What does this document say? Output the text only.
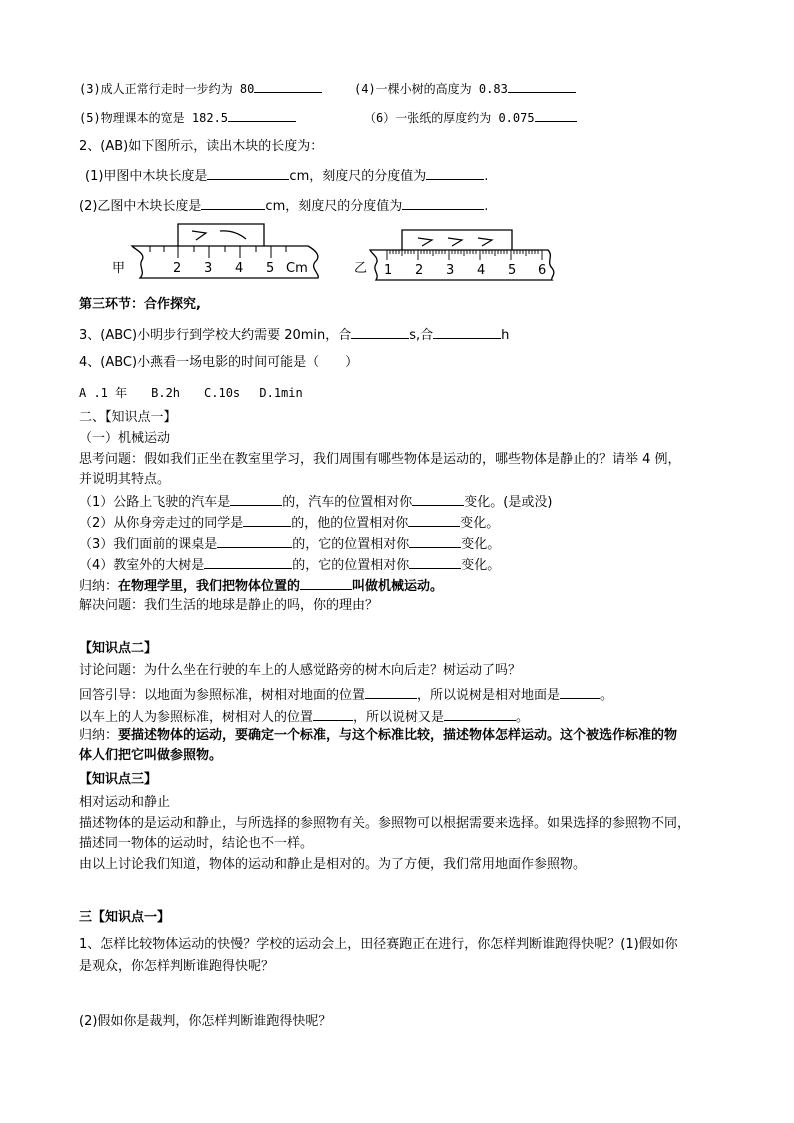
(3)成人正常行走时一步约为 80	(4)一棵小树的高度为 0.83
(5)物理课本的宽是 182.5	（6）一张纸的厚度约为 0.075
2、(AB)如下图所示，读出木块的长度为：
(1)甲图中木块长度是	cm，刻度尺的分度值为	.
(2)乙图中木块长度是	cm，刻度尺的分度值为	.
甲	2 3 4 5 Cm	乙 1 2 3 4 5 6
第三环节：合作探究,
3、(ABC)小明步行到学校大约需要 20min，合	s,合	h
4、(ABC)小燕看一场电影的时间可能是（　　）
A .1 年　　B.2h　　C.10s　 D.1min
二、【知识点一】
（一）机械运动
思考问题：假如我们正坐在教室里学习，我们周围有哪些物体是运动的，哪些物体是静止的？请举 4 例，
并说明其特点。
（1）公路上飞驶的汽车是	的，汽车的位置相对你	变化。(是或没)
（2）从你身旁走过的同学是	的，他的位置相对你	变化。
（3）我们面前的课桌是	的，它的位置相对你	变化。
（4）教室外的大树是	的，它的位置相对你	变化。
归纳：在物理学里，我们把物体位置的	叫做机械运动。
解决问题：我们生活的地球是静止的吗，你的理由？
【知识点二】
讨论问题：为什么坐在行驶的车上的人感觉路旁的树木向后走？树运动了吗？
回答引导：以地面为参照标准，树相对地面的位置	，所以说树是相对地面是	。
以车上的人为参照标准，树相对人的位置	，所以说树又是	。
归纳：要描述物体的运动，要确定一个标准，与这个标准比较，描述物体怎样运动。这个被选作标准的物
体人们把它叫做参照物。
【知识点三】
相对运动和静止
描述物体的是运动和静止，与所选择的参照物有关。参照物可以根据需要来选择。如果选择的参照物不同，
描述同一物体的运动时，结论也不一样。
由以上讨论我们知道，物体的运动和静止是相对的。为了方便，我们常用地面作参照物。
三【知识点一】
1、怎样比较物体运动的快慢？学校的运动会上，田径赛跑正在进行，你怎样判断谁跑得快呢？(1)假如你
是观众，你怎样判断谁跑得快呢？
(2)假如你是裁判，你怎样判断谁跑得快呢？
